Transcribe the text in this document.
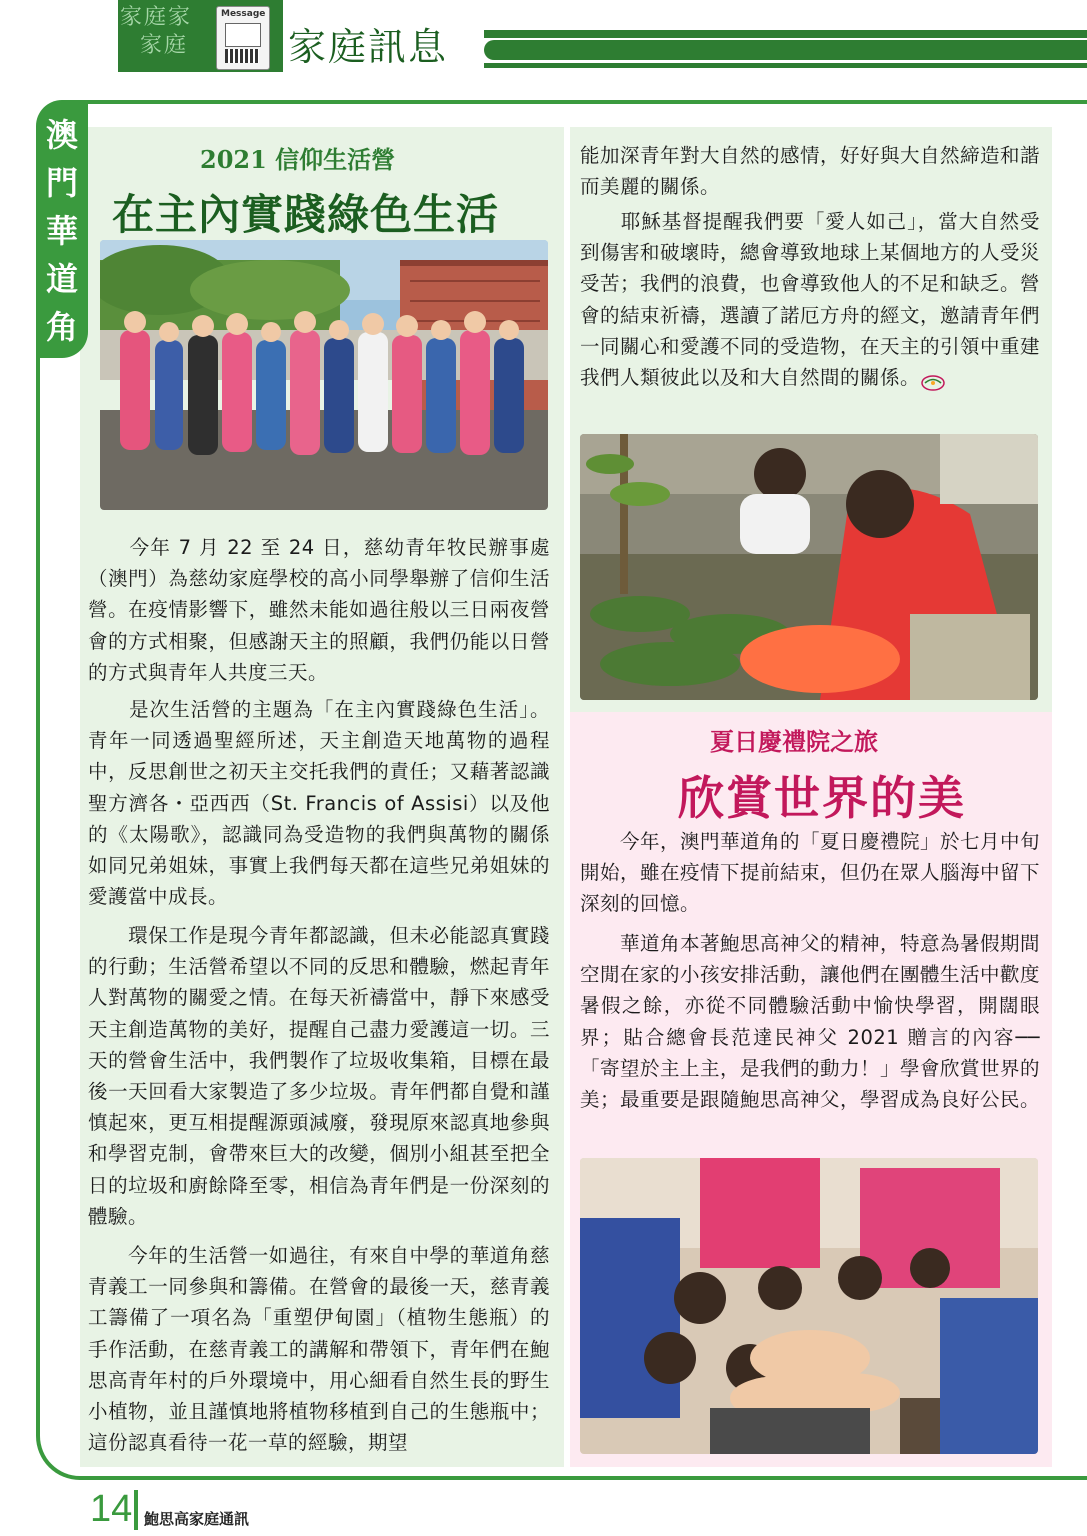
家庭家
家庭
Message
家庭訊息
澳
門
華
道
角
2021 信仰生活營
在主內實踐綠色生活

　　今年 7 月 22 至 24 日，慈幼青年牧民辦事處（澳門）為慈幼家庭學校的高小同學舉辦了信仰生活營。在疫情影響下，雖然未能如過往般以三日兩夜營會的方式相聚，但感謝天主的照顧，我們仍能以日營的方式與青年人共度三天。

　　是次生活營的主題為「在主內實踐綠色生活」。青年一同透過聖經所述，天主創造天地萬物的過程中，反思創世之初天主交托我們的責任；又藉著認識聖方濟各・亞西西（St. Francis of Assisi）以及他的《太陽歌》，認識同為受造物的我們與萬物的關係如同兄弟姐妹，事實上我們每天都在這些兄弟姐妹的愛護當中成長。

　　環保工作是現今青年都認識，但未必能認真實踐的行動；生活營希望以不同的反思和體驗，燃起青年人對萬物的關愛之情。在每天祈禱當中，靜下來感受天主創造萬物的美好，提醒自己盡力愛護這一切。三天的營會生活中，我們製作了垃圾收集箱，目標在最後一天回看大家製造了多少垃圾。青年們都自覺和謹慎起來，更互相提醒源頭減廢，發現原來認真地參與和學習克制，會帶來巨大的改變，個別小組甚至把全日的垃圾和廚餘降至零，相信為青年們是一份深刻的體驗。

　　今年的生活營一如過往，有來自中學的華道角慈青義工一同參與和籌備。在營會的最後一天，慈青義工籌備了一項名為「重塑伊甸園」（植物生態瓶）的手作活動，在慈青義工的講解和帶領下，青年們在鮑思高青年村的戶外環境中，用心細看自然生長的野生小植物，並且謹慎地將植物移植到自己的生態瓶中；這份認真看待一花一草的經驗，期望

能加深青年對大自然的感情，好好與大自然締造和諧而美麗的關係。

　　耶穌基督提醒我們要「愛人如己」，當大自然受到傷害和破壞時，總會導致地球上某個地方的人受災受苦；我們的浪費，也會導致他人的不足和缺乏。營會的結束祈禱，選讀了諾厄方舟的經文，邀請青年們一同關心和愛護不同的受造物，在天主的引領中重建我們人類彼此以及和大自然間的關係。

夏日慶禮院之旅
欣賞世界的美

　　今年，澳門華道角的「夏日慶禮院」於七月中旬開始，雖在疫情下提前結束，但仍在眾人腦海中留下深刻的回憶。

　　華道角本著鮑思高神父的精神，特意為暑假期間空閒在家的小孩安排活動，讓他們在團體生活中歡度暑假之餘，亦從不同體驗活動中愉快學習，開闊眼界；貼合總會長范達民神父 2021 贈言的內容──「寄望於主上主，是我們的動力！」學會欣賞世界的美；最重要是跟隨鮑思高神父，學習成為良好公民。

14 鮑思高家庭通訊
